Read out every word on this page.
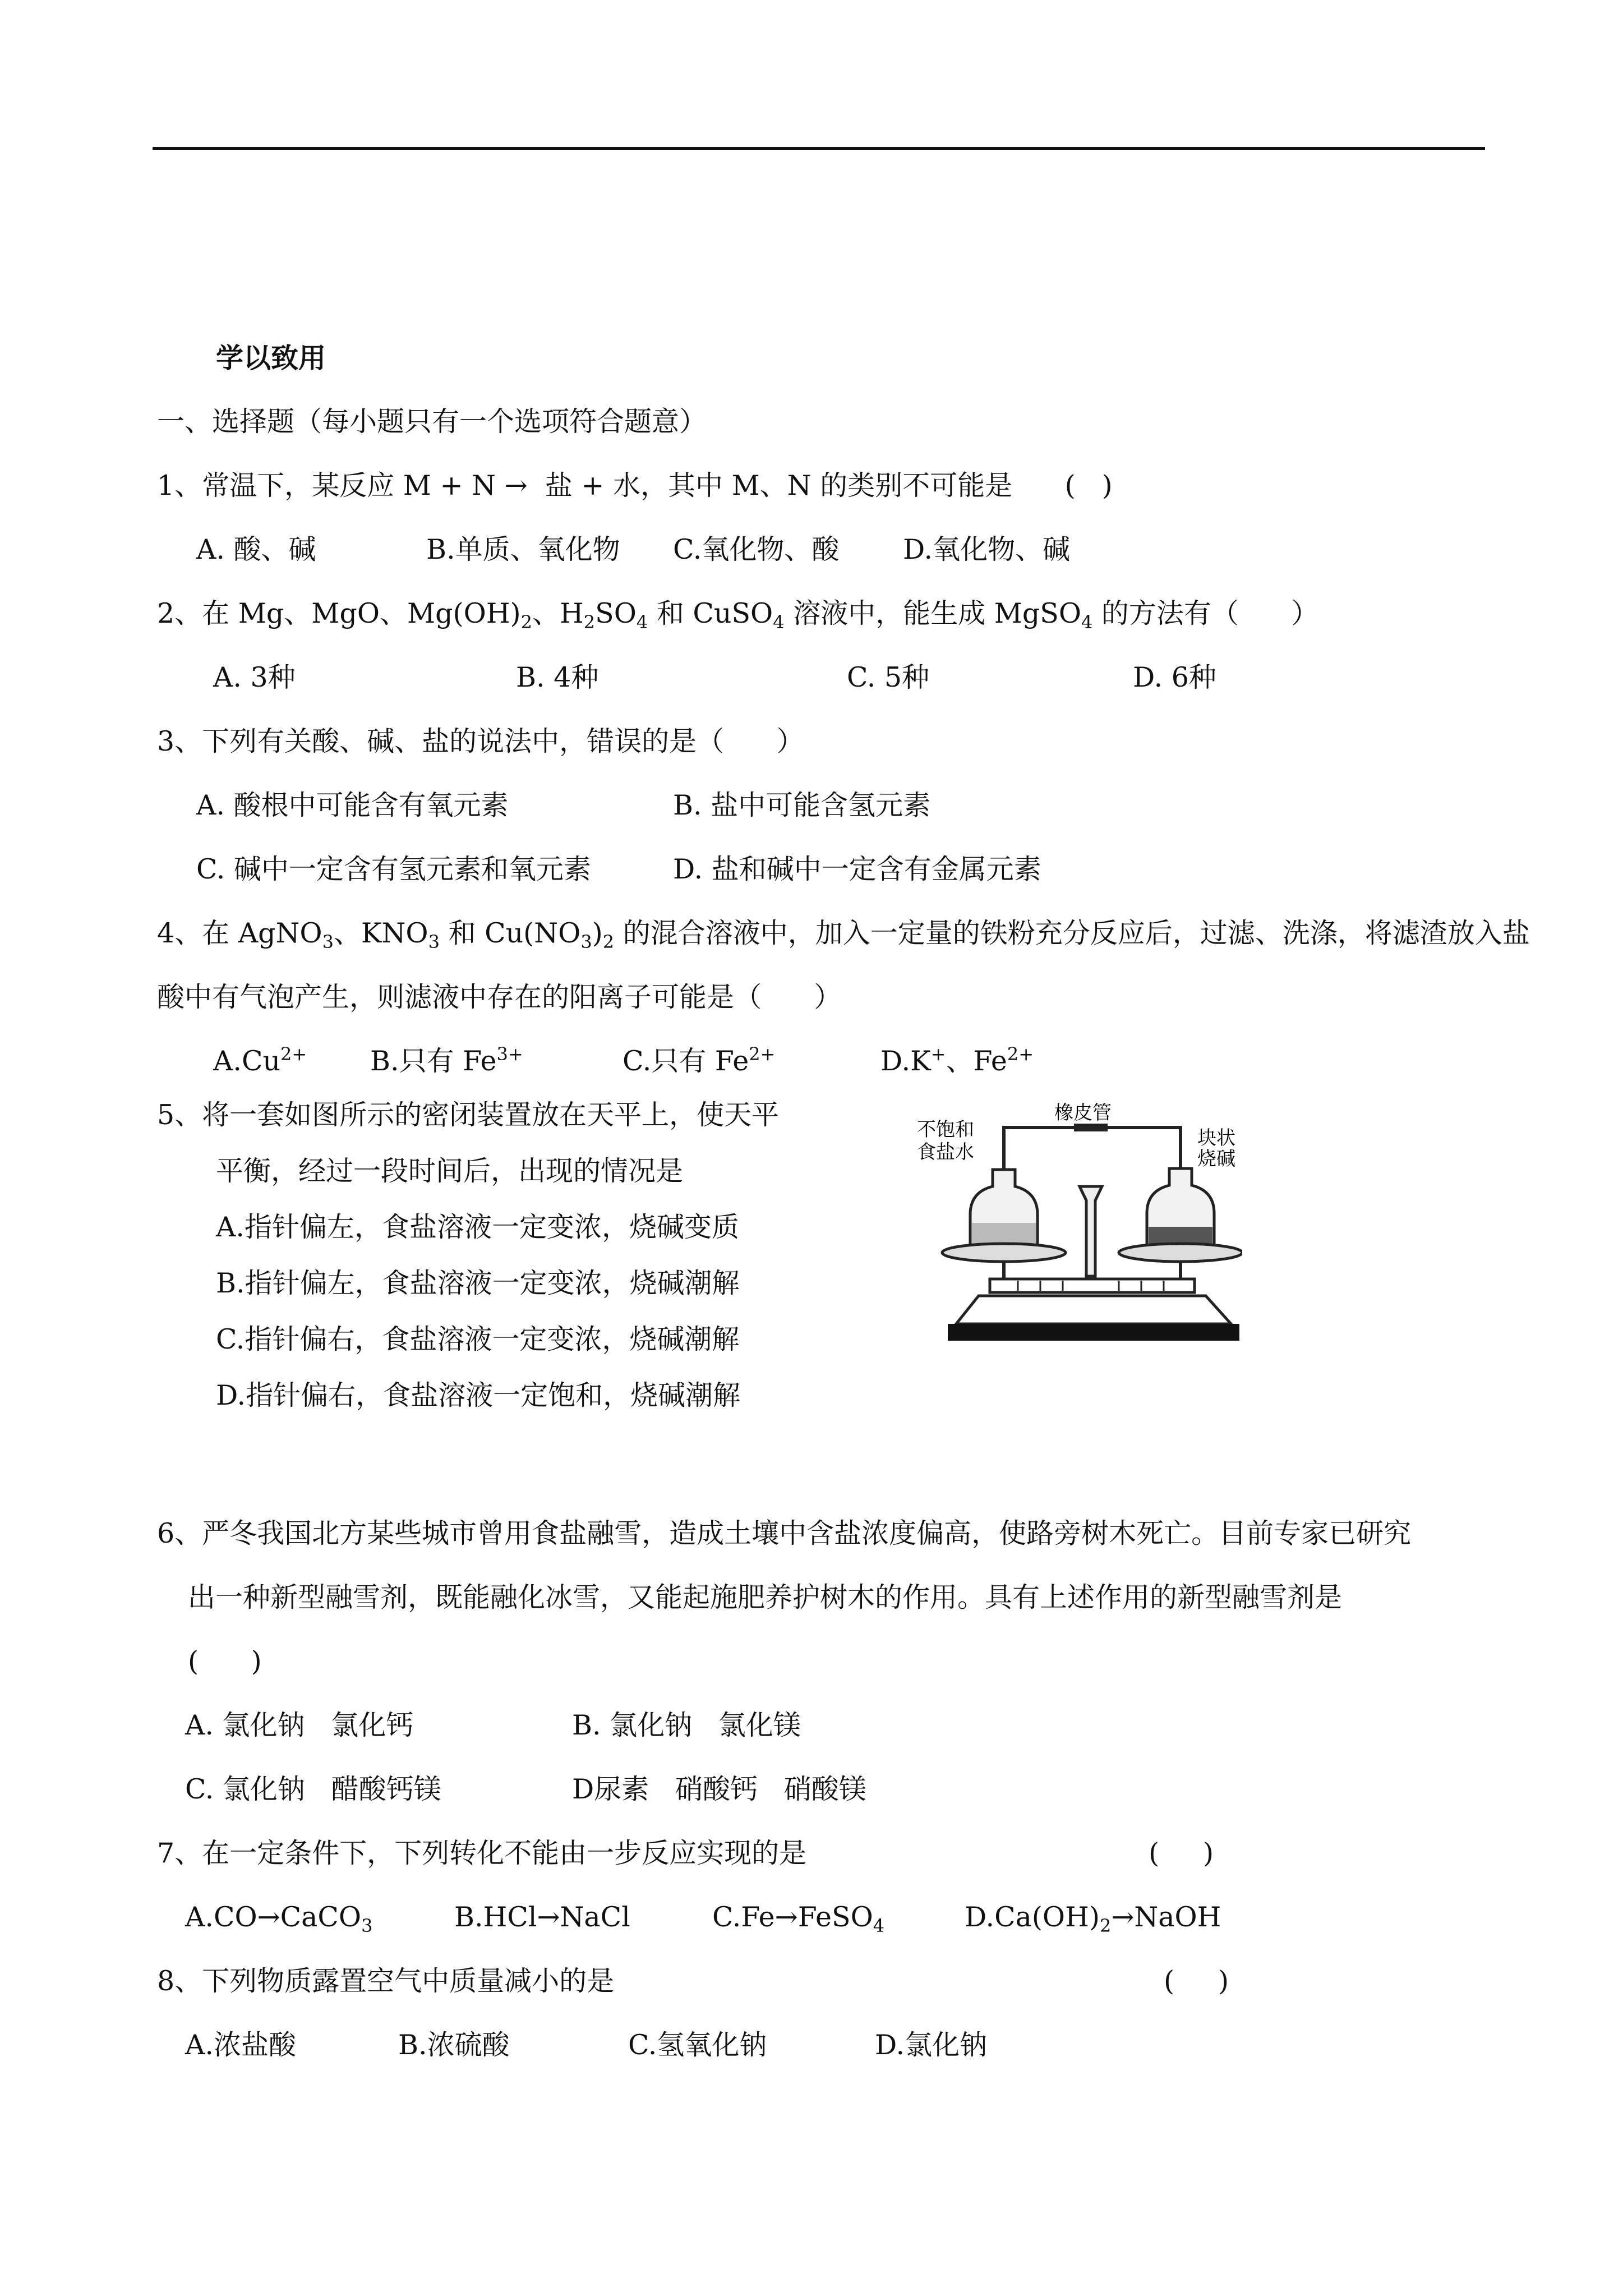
学以致用
一、选择题（每小题只有一个选项符合题意）
1、常温下，某反应 M + N →  盐 + 水，其中 M、N 的类别不可能是      (   )
A. 酸、碱	B.单质、氧化物 C.氧化物、酸 D.氧化物、碱
2、在 Mg、MgO、$Mg(OH)_2$、$H_2SO_4$ 和 CuSO$_4$ 溶液中，能生成 MgSO$_4$ 的方法有（      ）
A. 3种	B. 4种	C. 5种	D. 6种
3、下列有关酸、碱、盐的说法中，错误的是（      ）
A. 酸根中可能含有氧元素	B. 盐中可能含氢元素
C. 碱中一定含有氢元素和氧元素	D. 盐和碱中一定含有金属元素
4、在 AgNO$_3$、$KNO_3$ 和 $Cu(NO_3)_2$ 的混合溶液中，加入一定量的铁粉充分反应后，过滤、洗涤，将滤渣放入盐
酸中有气泡产生，则滤液中存在的阳离子可能是（      ）
$A.Cu^{2+}$ B.只有 $Fe^{3+}$	C.只有 $Fe^{2+}$	D.K+、$Fe^{2+}$
5、将一套如图所示的密闭装置放在天平上，使天平
平衡，经过一段时间后，出现的情况是
A.指针偏左，食盐溶液一定变浓，烧碱变质
B.指针偏左，食盐溶液一定变浓，烧碱潮解
C.指针偏右，食盐溶液一定变浓，烧碱潮解
D.指针偏右，食盐溶液一定饱和，烧碱潮解
橡皮管
不饱和
食盐水
块状
烧碱
6、严冬我国北方某些城市曾用食盐融雪，造成土壤中含盐浓度偏高，使路旁树木死亡。目前专家已研究
出一种新型融雪剂，既能融化冰雪，又能起施肥养护树木的作用。具有上述作用的新型融雪剂是
(      )
A. 氯化钠   氯化钙	B. 氯化钠   氯化镁
C. 氯化钠   醋酸钙镁	D尿素   硝酸钙   硝酸镁
7、在一定条件下，下列转化不能由一步反应实现的是	(     )
A.CO→CaCO$_3$	B.HCl→NaCl	C.Fe→FeSO$_4$	$D.Ca(OH)_2\to NaOH$
8、下列物质露置空气中质量减小的是	(     )
A.浓盐酸	B.浓硫酸	C.氢氧化钠	D.氯化钠
